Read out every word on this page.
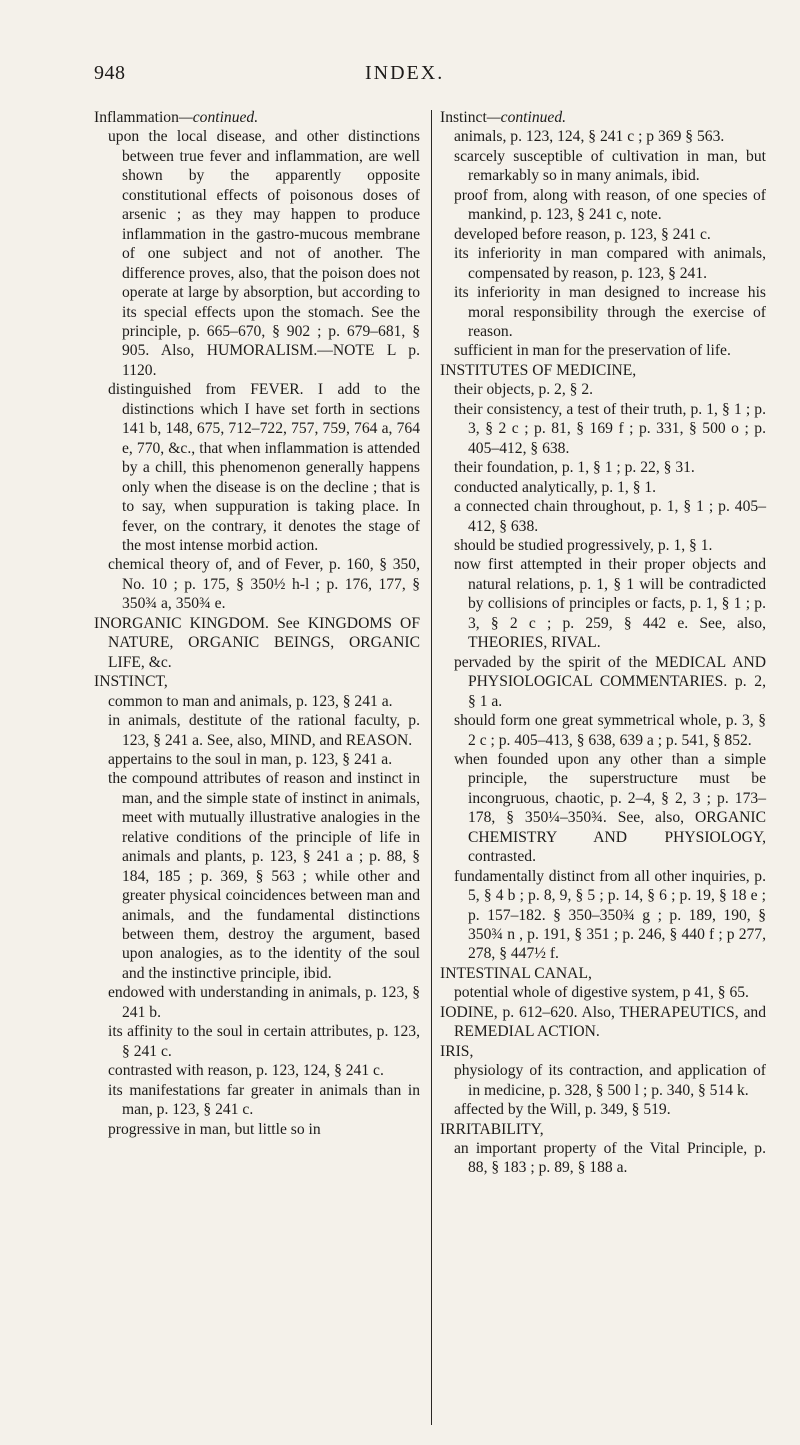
948	INDEX.

Inflammation—continued.

upon the local disease, and other distinctions between true fever and inflammation, are well shown by the apparently opposite constitutional effects of poisonous doses of arsenic ; as they may happen to produce inflammation in the gastro-mucous membrane of one subject and not of another. The difference proves, also, that the poison does not operate at large by absorption, but according to its special effects upon the stomach. See the principle, p. 665–670, § 902 ; p. 679–681, § 905. Also, HUMORALISM.—NOTE L p. 1120.

distinguished from FEVER. I add to the distinctions which I have set forth in sections 141 b, 148, 675, 712–722, 757, 759, 764 a, 764 e, 770, &c., that when inflammation is attended by a chill, this phenomenon generally happens only when the disease is on the decline ; that is to say, when suppuration is taking place. In fever, on the contrary, it denotes the stage of the most intense morbid action.

chemical theory of, and of Fever, p. 160, § 350, No. 10 ; p. 175, § 350½ h-l ; p. 176, 177, § 350¾ a, 350¾ e.

INORGANIC KINGDOM. See KINGDOMS OF NATURE, ORGANIC BEINGS, ORGANIC LIFE, &c.

INSTINCT,

common to man and animals, p. 123, § 241 a.

in animals, destitute of the rational faculty, p. 123, § 241 a. See, also, MIND, and REASON.

appertains to the soul in man, p. 123, § 241 a.

the compound attributes of reason and instinct in man, and the simple state of instinct in animals, meet with mutually illustrative analogies in the relative conditions of the principle of life in animals and plants, p. 123, § 241 a ; p. 88, § 184, 185 ; p. 369, § 563 ; while other and greater physical coincidences between man and animals, and the fundamental distinctions between them, destroy the argument, based upon analogies, as to the identity of the soul and the instinctive principle, ibid.

endowed with understanding in animals, p. 123, § 241 b.

its affinity to the soul in certain attributes, p. 123, § 241 c.

contrasted with reason, p. 123, 124, § 241 c.

its manifestations far greater in animals than in man, p. 123, § 241 c.

progressive in man, but little so in

Instinct—continued.

animals, p. 123, 124, § 241 c ; p 369 § 563.

scarcely susceptible of cultivation in man, but remarkably so in many animals, ibid.

proof from, along with reason, of one species of mankind, p. 123, § 241 c, note.

developed before reason, p. 123, § 241 c.

its inferiority in man compared with animals, compensated by reason, p. 123, § 241.

its inferiority in man designed to increase his moral responsibility through the exercise of reason.

sufficient in man for the preservation of life.

INSTITUTES OF MEDICINE,

their objects, p. 2, § 2.

their consistency, a test of their truth, p. 1, § 1 ; p. 3, § 2 c ; p. 81, § 169 f ; p. 331, § 500 o ; p. 405–412, § 638.

their foundation, p. 1, § 1 ; p. 22, § 31.

conducted analytically, p. 1, § 1.

a connected chain throughout, p. 1, § 1 ; p. 405–412, § 638.

should be studied progressively, p. 1, § 1.

now first attempted in their proper objects and natural relations, p. 1, § 1 will be contradicted by collisions of principles or facts, p. 1, § 1 ; p. 3, § 2 c ; p. 259, § 442 e. See, also, THEORIES, RIVAL.

pervaded by the spirit of the MEDICAL AND PHYSIOLOGICAL COMMENTARIES. p. 2, § 1 a.

should form one great symmetrical whole, p. 3, § 2 c ; p. 405–413, § 638, 639 a ; p. 541, § 852.

when founded upon any other than a simple principle, the superstructure must be incongruous, chaotic, p. 2–4, § 2, 3 ; p. 173–178, § 350¼–350¾. See, also, ORGANIC CHEMISTRY AND PHYSIOLOGY, contrasted.

fundamentally distinct from all other inquiries, p. 5, § 4 b ; p. 8, 9, § 5 ; p. 14, § 6 ; p. 19, § 18 e ; p. 157–182. § 350–350¾ g ; p. 189, 190, § 350¾ n , p. 191, § 351 ; p. 246, § 440 f ; p 277, 278, § 447½ f.

INTESTINAL CANAL,

potential whole of digestive system, p 41, § 65.

IODINE, p. 612–620. Also, THERAPEUTICS, and REMEDIAL ACTION.

IRIS,

physiology of its contraction, and application of in medicine, p. 328, § 500 l ; p. 340, § 514 k.

affected by the Will, p. 349, § 519.

IRRITABILITY,

an important property of the Vital Principle, p. 88, § 183 ; p. 89, § 188 a.
